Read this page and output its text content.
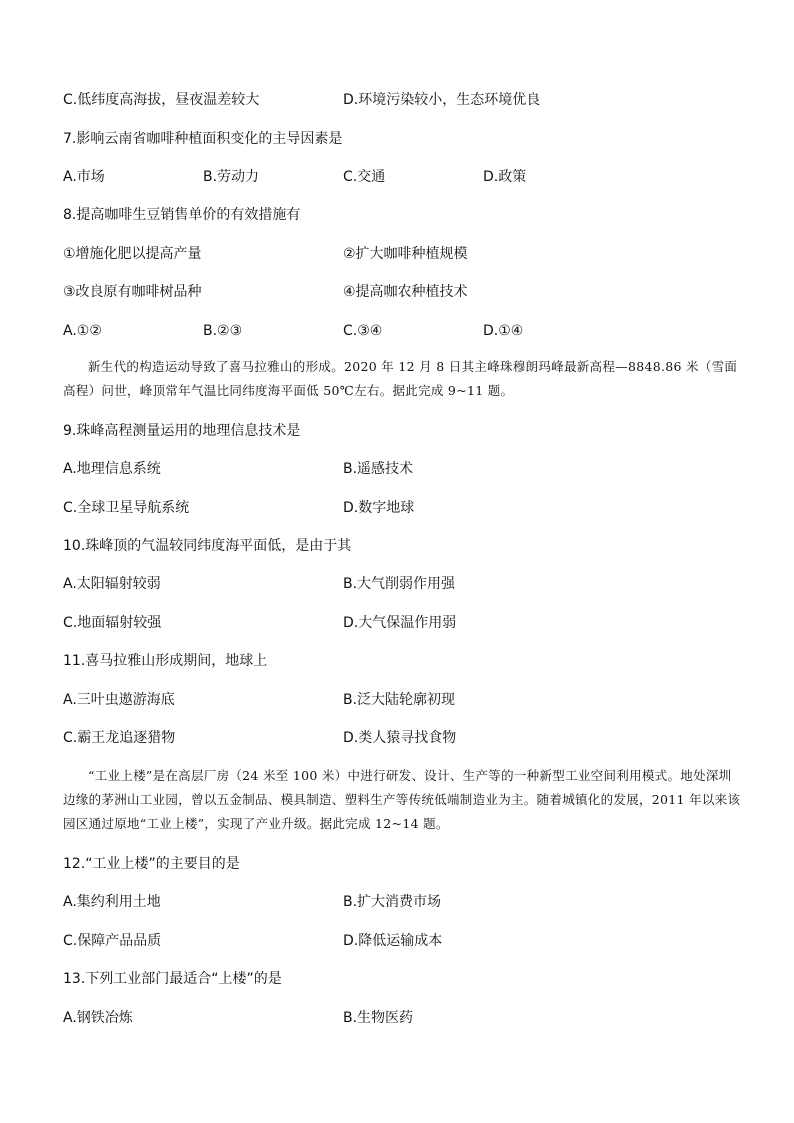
C.低纬度高海拔，昼夜温差较大	D.环境污染较小，生态环境优良
7.影响云南省咖啡种植面积变化的主导因素是
A.市场	B.劳动力	C.交通	D.政策
8.提高咖啡生豆销售单价的有效措施有
①增施化肥以提高产量	②扩大咖啡种植规模
③改良原有咖啡树品种	④提高咖农种植技术
A.①②	B.②③	C.③④	D.①④
新生代的构造运动导致了喜马拉雅山的形成。2020 年 12 月 8 日其主峰珠穆朗玛峰最新高程—8848.86 米（雪面高程）问世，峰顶常年气温比同纬度海平面低 50℃左右。据此完成 9~11 题。
9.珠峰高程测量运用的地理信息技术是
A.地理信息系统	B.遥感技术
C.全球卫星导航系统	D.数字地球
10.珠峰顶的气温较同纬度海平面低，是由于其
A.太阳辐射较弱	B.大气削弱作用强
C.地面辐射较强	D.大气保温作用弱
11.喜马拉雅山形成期间，地球上
A.三叶虫遨游海底	B.泛大陆轮廓初现
C.霸王龙追逐猎物	D.类人猿寻找食物
“工业上楼”是在高层厂房（24 米至 100 米）中进行研发、设计、生产等的一种新型工业空间利用模式。地处深圳边缘的茅洲山工业园，曾以五金制品、模具制造、塑料生产等传统低端制造业为主。随着城镇化的发展，2011 年以来该园区通过原地“工业上楼”，实现了产业升级。据此完成 12~14 题。
12.“工业上楼”的主要目的是
A.集约利用土地	B.扩大消费市场
C.保障产品品质	D.降低运输成本
13.下列工业部门最适合“上楼”的是
A.钢铁冶炼	B.生物医药
